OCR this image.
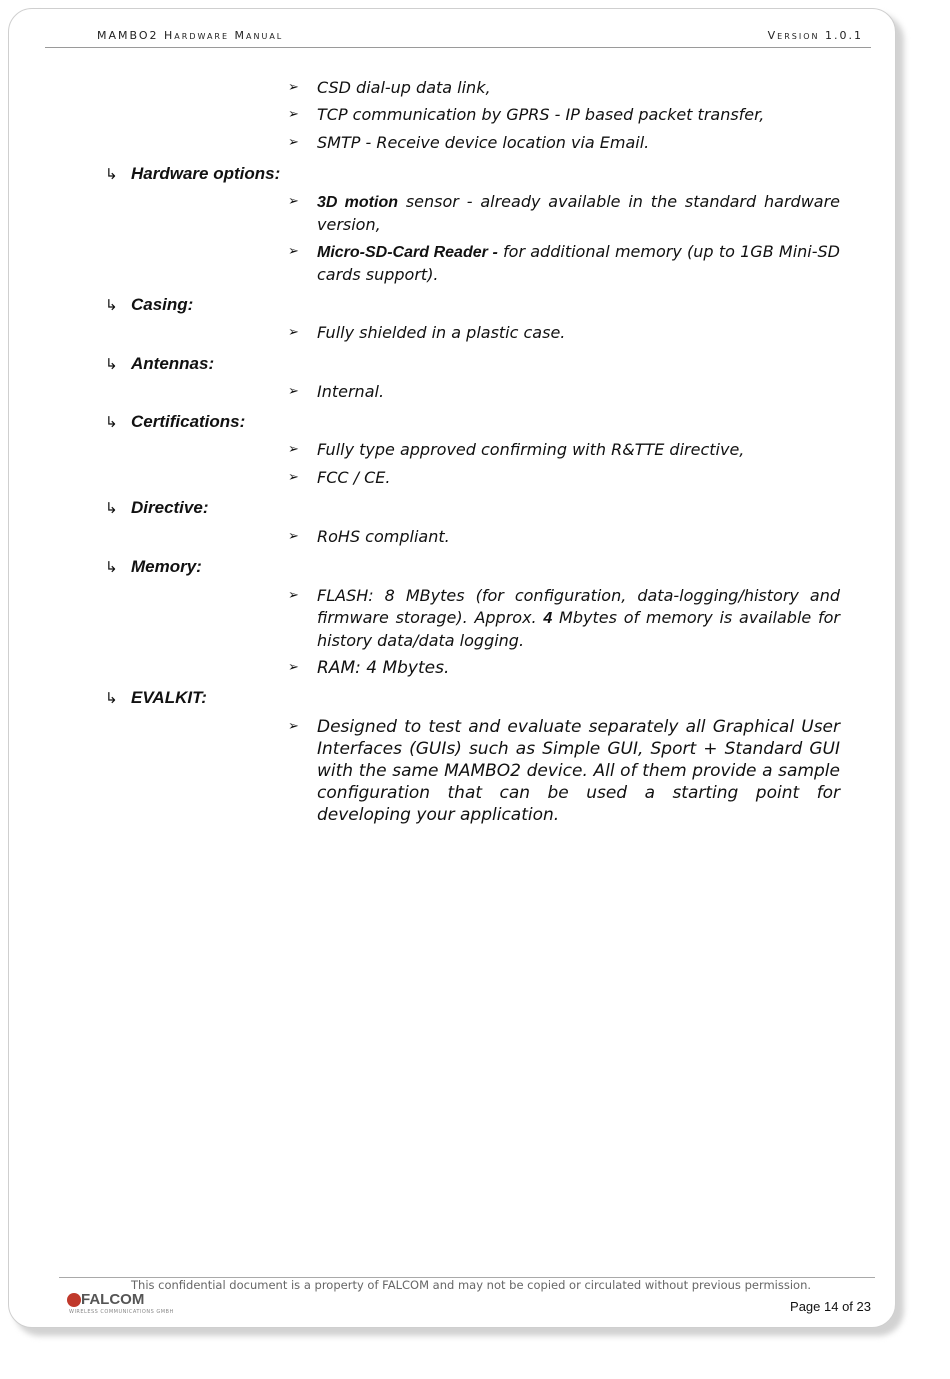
MAMBO2 Hardware Manual	Version 1.0.1
➢ CSD dial-up data link,
➢ TCP communication by GPRS - IP based packet transfer,
➢ SMTP - Receive device location via Email.
↳ Hardware options:
➢ 3D motion sensor - already available in the standard hardware version,
➢ Micro-SD-Card Reader - for additional memory (up to 1GB Mini-SD cards support).
↳ Casing:
➢ Fully shielded in a plastic case.
↳ Antennas:
➢ Internal.
↳ Certifications:
➢ Fully type approved confirming with R&TTE directive,
➢ FCC / CE.
↳ Directive:
➢ RoHS compliant.
↳ Memory:
➢ FLASH: 8 MBytes (for configuration, data-logging/history and firmware storage). Approx. 4 Mbytes of memory is available for history data/data logging.
➢ RAM: 4 Mbytes.
↳ EVALKIT:
➢ Designed to test and evaluate separately all Graphical User Interfaces (GUIs) such as Simple GUI, Sport + Standard GUI with the same MAMBO2 device. All of them provide a sample configuration that can be used a starting point for developing your application.
This confidential document is a property of FALCOM and may not be copied or circulated without previous permission.
FALCOM
WIRELESS COMMUNICATIONS GMBH	Page 14 of 23
